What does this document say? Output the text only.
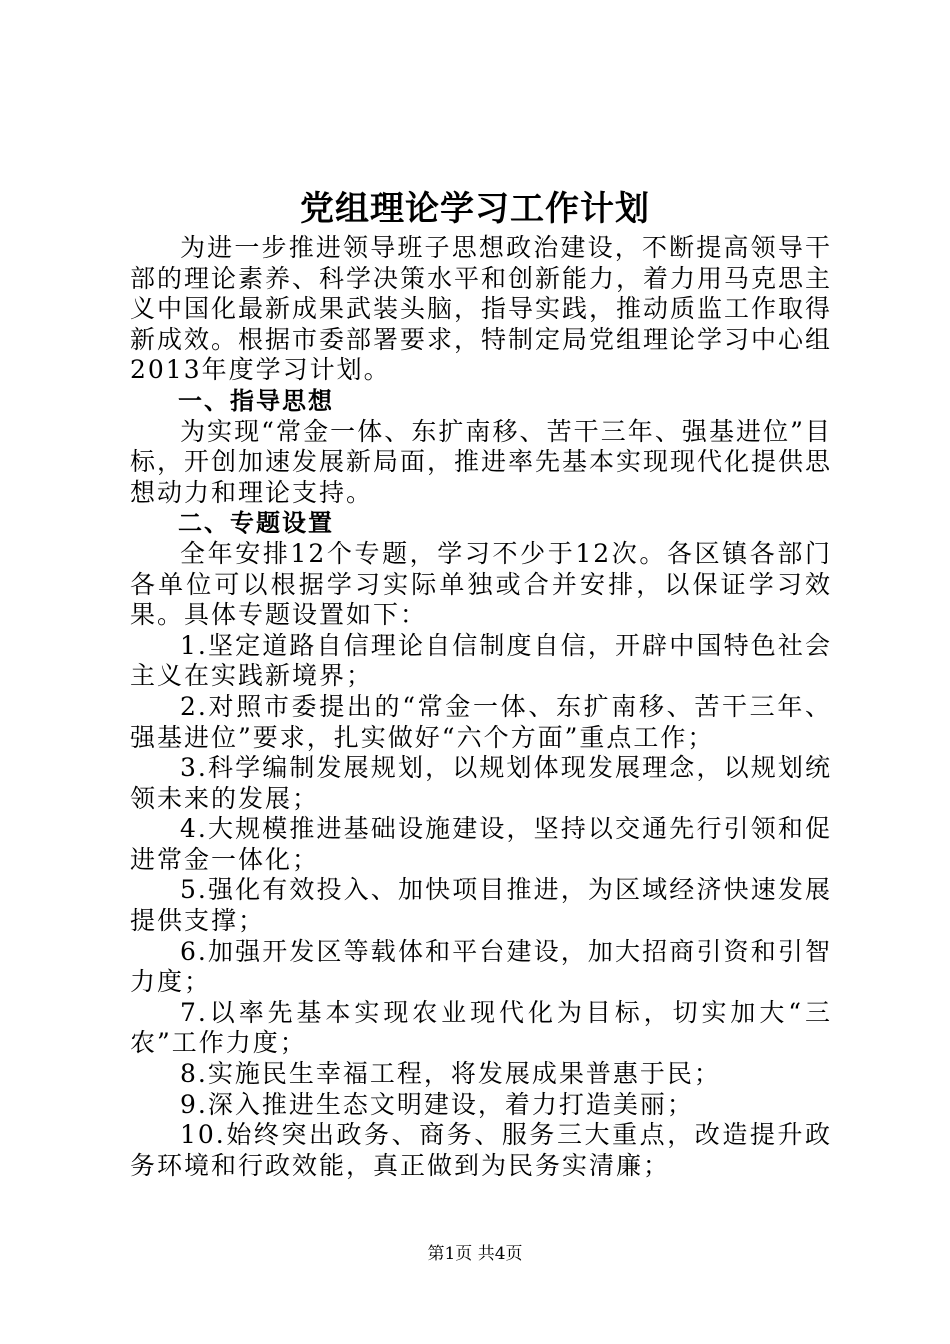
党组理论学习工作计划

为进一步推进领导班子思想政治建设，不断提高领导干部的理论素养、科学决策水平和创新能力，着力用马克思主义中国化最新成果武装头脑，指导实践，推动质监工作取得新成效。根据市委部署要求，特制定局党组理论学习中心组2013年度学习计划。

一、指导思想

为实现“常金一体、东扩南移、苦干三年、强基进位”目标，开创加速发展新局面，推进率先基本实现现代化提供思想动力和理论支持。

二、专题设置

全年安排12个专题，学习不少于12次。各区镇各部门各单位可以根据学习实际单独或合并安排，以保证学习效果。具体专题设置如下：

1.坚定道路自信理论自信制度自信，开辟中国特色社会主义在实践新境界；

2.对照市委提出的“常金一体、东扩南移、苦干三年、强基进位”要求，扎实做好“六个方面”重点工作；

3.科学编制发展规划，以规划体现发展理念，以规划统领未来的发展；

4.大规模推进基础设施建设，坚持以交通先行引领和促进常金一体化；

5.强化有效投入、加快项目推进，为区域经济快速发展提供支撑；

6.加强开发区等载体和平台建设，加大招商引资和引智力度；

7.以率先基本实现农业现代化为目标，切实加大“三农”工作力度；

8.实施民生幸福工程，将发展成果普惠于民；

9.深入推进生态文明建设，着力打造美丽；

10.始终突出政务、商务、服务三大重点，改造提升政务环境和行政效能，真正做到为民务实清廉；

第1页 共4页
